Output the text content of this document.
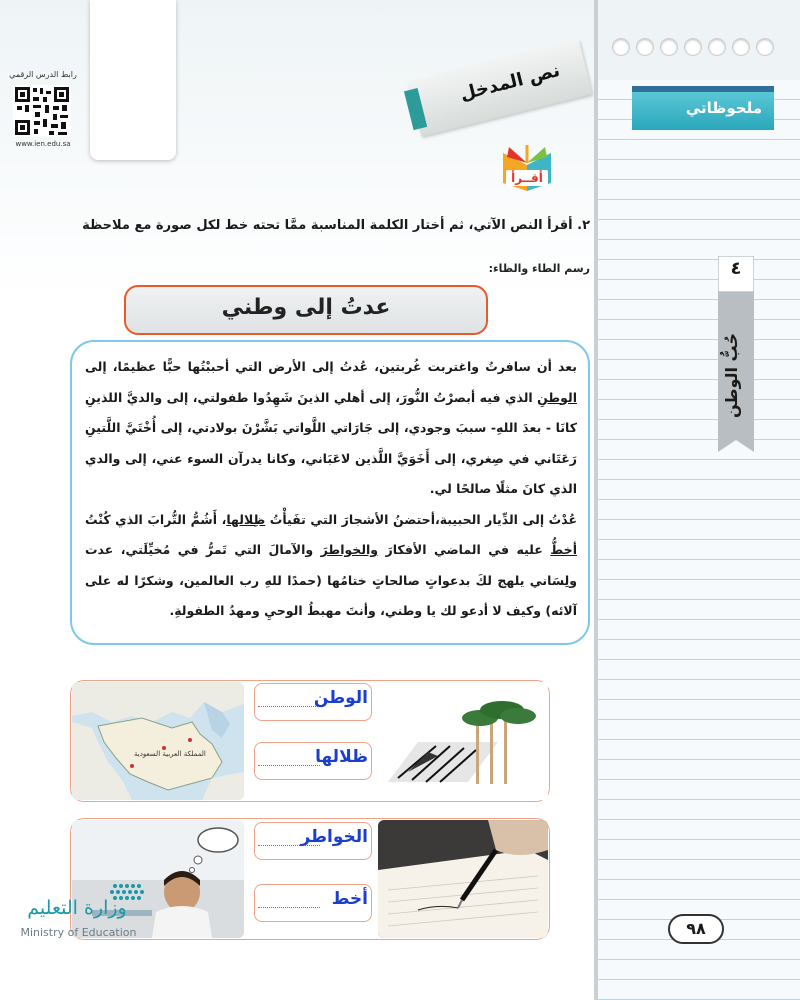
رابط الدرس الرقمي
www.ien.edu.sa
نص المدخل
أقــرأ
٢. أقرأ النص الآتي، ثم أختار الكلمة المناسبة ممَّا تحته خط لكل صورة مع ملاحظة
رسم الطاء والظاء:
عدتُ إلى وطني

بعد أن سافرتُ واغتربت غُربتين، عُدتُ إلى الأرض التي أحببْتُها حبًّا عظيمًا، إلى الوطنِ الذي فيه أبصرْتُ النُّورَ، إلى أهلي الذينَ شَهِدُوا طفولتي، إلى والديَّ اللذينِ كانَا - بعدَ اللهِ- سببَ وجودي، إلى جَارَاتي اللَّواتي بَشَّرْنَ بولادتي، إلى أُخْتَيَّ اللَّتينِ رَعَتَاني في صِغري، إلى أَخَوَيَّ اللَّذين لاعَبَاني، وكانا يدرآن السوء عني، إلى والدي الذي كانَ مثلًا صالحًا لي.

عُدْتُ إلى الدِّيار الحبيبة،أحتضنُ الأشجارَ التي تفَيأْتُ ظِلالها، أَشُمُّ التُّرابَ الذي كُنْتُ أخطُّ عليه في الماضي الأفكارَ والخواطرَ والآمالَ التي تَمرُّ في مُخيِّلَتي، عدت ولِسَاني يلهج لكَ بدعواتٍ صالحاتٍ ختامُها (حمدًا للهِ رب العالمين، وشكرًا له على آلائه) وكيف لا أدعو لك يا وطني، وأنتَ مهبطُ الوحيِ ومهدُ الطفولةِ.

المملكة العربية السعودية
الوطن
ظلالها
الخواطر
أخط
ملحوظاتي
٤
حُبُّ الوطن
٩٨
وزارة التعليم
Ministry of Education
